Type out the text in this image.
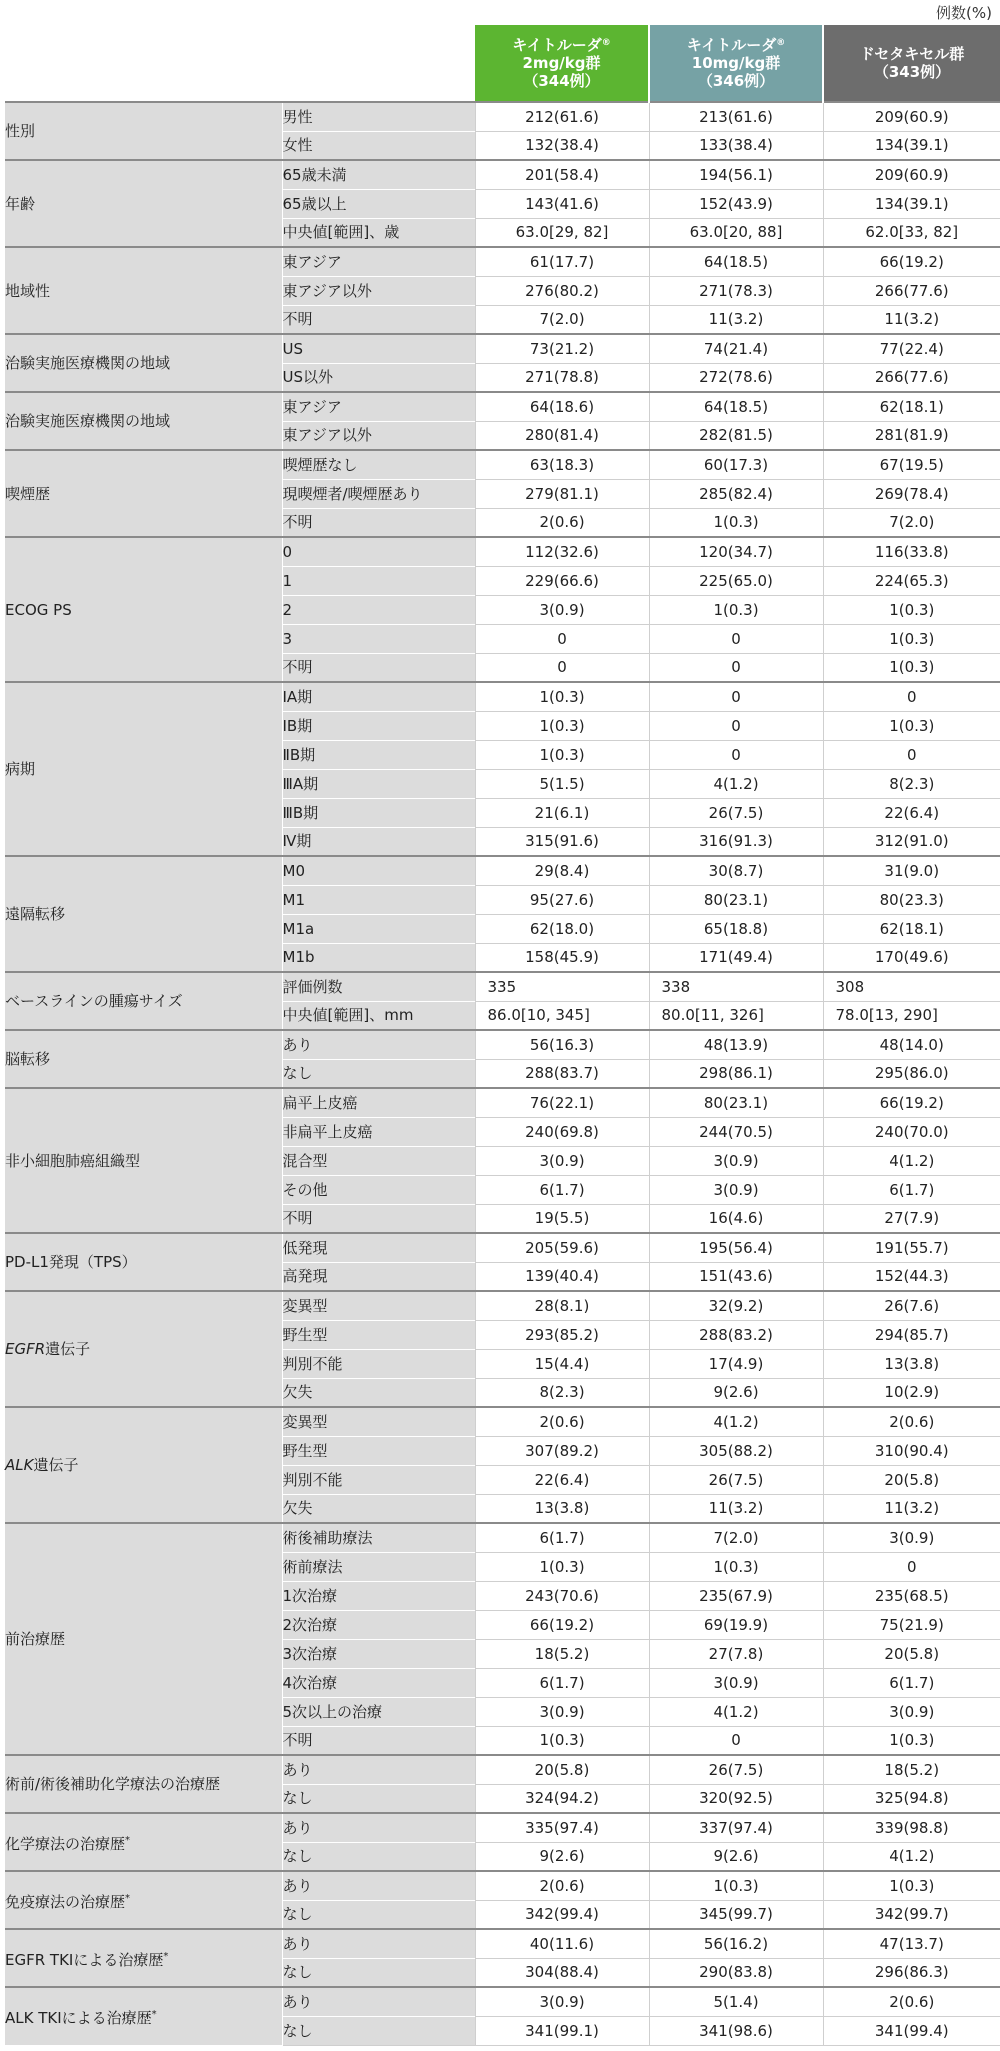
例数(%)
		キイトルーダ®
2mg/kg群
（344例）	キイトルーダ®
10mg/kg群
（346例）	ドセタキセル群
（343例）
性別	男性	212(61.6)	213(61.6)	209(60.9)
	女性	132(38.4)	133(38.4)	134(39.1)
年齢	65歳未満	201(58.4)	194(56.1)	209(60.9)
	65歳以上	143(41.6)	152(43.9)	134(39.1)
	中央値[範囲]、歳	63.0[29, 82]	63.0[20, 88]	62.0[33, 82]
地域性	東アジア	61(17.7)	64(18.5)	66(19.2)
	東アジア以外	276(80.2)	271(78.3)	266(77.6)
	不明	7(2.0)	11(3.2)	11(3.2)
治験実施医療機関の地域	US	73(21.2)	74(21.4)	77(22.4)
	US以外	271(78.8)	272(78.6)	266(77.6)
治験実施医療機関の地域	東アジア	64(18.6)	64(18.5)	62(18.1)
	東アジア以外	280(81.4)	282(81.5)	281(81.9)
喫煙歴	喫煙歴なし	63(18.3)	60(17.3)	67(19.5)
	現喫煙者/喫煙歴あり	279(81.1)	285(82.4)	269(78.4)
	不明	2(0.6)	1(0.3)	7(2.0)
ECOG PS	0	112(32.6)	120(34.7)	116(33.8)
	1	229(66.6)	225(65.0)	224(65.3)
	2	3(0.9)	1(0.3)	1(0.3)
	3	0	0	1(0.3)
	不明	0	0	1(0.3)
病期	IA期	1(0.3)	0	0
	IB期	1(0.3)	0	1(0.3)
	ⅡB期	1(0.3)	0	0
	ⅢA期	5(1.5)	4(1.2)	8(2.3)
	ⅢB期	21(6.1)	26(7.5)	22(6.4)
	Ⅳ期	315(91.6)	316(91.3)	312(91.0)
遠隔転移	M0	29(8.4)	30(8.7)	31(9.0)
	M1	95(27.6)	80(23.1)	80(23.3)
	M1a	62(18.0)	65(18.8)	62(18.1)
	M1b	158(45.9)	171(49.4)	170(49.6)
ベースラインの腫瘍サイズ	評価例数	335	338	308
	中央値[範囲]、mm	86.0[10, 345]	80.0[11, 326]	78.0[13, 290]
脳転移	あり	56(16.3)	48(13.9)	48(14.0)
	なし	288(83.7)	298(86.1)	295(86.0)
非小細胞肺癌組織型	扁平上皮癌	76(22.1)	80(23.1)	66(19.2)
	非扁平上皮癌	240(69.8)	244(70.5)	240(70.0)
	混合型	3(0.9)	3(0.9)	4(1.2)
	その他	6(1.7)	3(0.9)	6(1.7)
	不明	19(5.5)	16(4.6)	27(7.9)
PD-L1発現（TPS）	低発現	205(59.6)	195(56.4)	191(55.7)
	高発現	139(40.4)	151(43.6)	152(44.3)
EGFR遺伝子	変異型	28(8.1)	32(9.2)	26(7.6)
	野生型	293(85.2)	288(83.2)	294(85.7)
	判別不能	15(4.4)	17(4.9)	13(3.8)
	欠失	8(2.3)	9(2.6)	10(2.9)
ALK遺伝子	変異型	2(0.6)	4(1.2)	2(0.6)
	野生型	307(89.2)	305(88.2)	310(90.4)
	判別不能	22(6.4)	26(7.5)	20(5.8)
	欠失	13(3.8)	11(3.2)	11(3.2)
前治療歴	術後補助療法	6(1.7)	7(2.0)	3(0.9)
	術前療法	1(0.3)	1(0.3)	0
	1次治療	243(70.6)	235(67.9)	235(68.5)
	2次治療	66(19.2)	69(19.9)	75(21.9)
	3次治療	18(5.2)	27(7.8)	20(5.8)
	4次治療	6(1.7)	3(0.9)	6(1.7)
	5次以上の治療	3(0.9)	4(1.2)	3(0.9)
	不明	1(0.3)	0	1(0.3)
術前/術後補助化学療法の治療歴	あり	20(5.8)	26(7.5)	18(5.2)
	なし	324(94.2)	320(92.5)	325(94.8)
化学療法の治療歴*	あり	335(97.4)	337(97.4)	339(98.8)
	なし	9(2.6)	9(2.6)	4(1.2)
免疫療法の治療歴*	あり	2(0.6)	1(0.3)	1(0.3)
	なし	342(99.4)	345(99.7)	342(99.7)
EGFR TKIによる治療歴*	あり	40(11.6)	56(16.2)	47(13.7)
	なし	304(88.4)	290(83.8)	296(86.3)
ALK TKIによる治療歴*	あり	3(0.9)	5(1.4)	2(0.6)
	なし	341(99.1)	341(98.6)	341(99.4)
